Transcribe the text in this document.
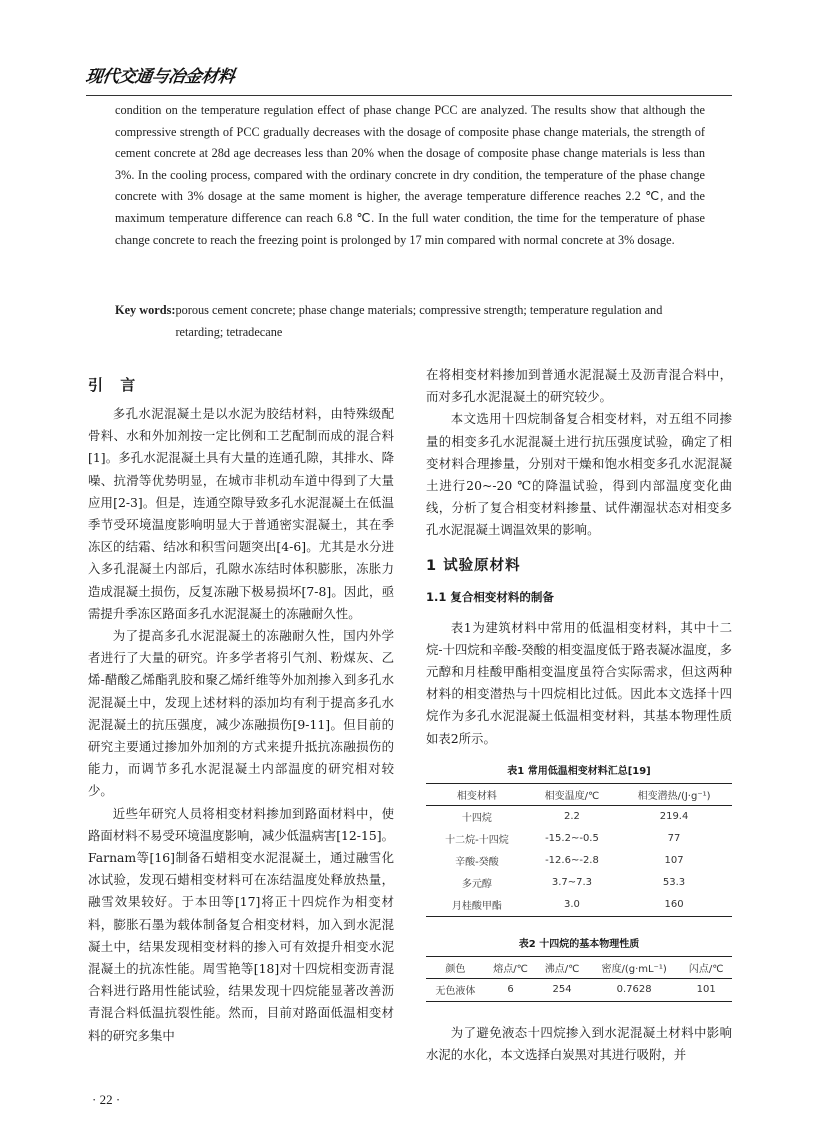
现代交通与冶金材料
condition on the temperature regulation effect of phase change PCC are analyzed. The results show that although the compressive strength of PCC gradually decreases with the dosage of composite phase change materials, the strength of cement concrete at 28d age decreases less than 20% when the dosage of composite phase change materials is less than 3%. In the cooling process, compared with the ordinary concrete in dry condition, the temperature of the phase change concrete with 3% dosage at the same moment is higher, the average temperature difference reaches 2.2 ℃, and the maximum temperature difference can reach 6.8 ℃. In the full water condition, the time for the temperature of phase change concrete to reach the freezing point is prolonged by 17 min compared with normal concrete at 3% dosage.
Key words: porous cement concrete; phase change materials; compressive strength; temperature regulation and retarding; tetradecane
引 言

多孔水泥混凝土是以水泥为胶结材料，由特殊级配骨料、水和外加剂按一定比例和工艺配制而成的混合料[1]。多孔水泥混凝土具有大量的连通孔隙，其排水、降噪、抗滑等优势明显，在城市非机动车道中得到了大量应用[2-3]。但是，连通空隙导致多孔水泥混凝土在低温季节受环境温度影响明显大于普通密实混凝土，其在季冻区的结霜、结冰和积雪问题突出[4-6]。尤其是水分进入多孔混凝土内部后，孔隙水冻结时体积膨胀，冻胀力造成混凝土损伤，反复冻融下极易损坏[7-8]。因此，亟需提升季冻区路面多孔水泥混凝土的冻融耐久性。

为了提高多孔水泥混凝土的冻融耐久性，国内外学者进行了大量的研究。许多学者将引气剂、粉煤灰、乙烯-醋酸乙烯酯乳胶和聚乙烯纤维等外加剂掺入到多孔水泥混凝土中，发现上述材料的添加均有利于提高多孔水泥混凝土的抗压强度，减少冻融损伤[9-11]。但目前的研究主要通过掺加外加剂的方式来提升抵抗冻融损伤的能力，而调节多孔水泥混凝土内部温度的研究相对较少。

近些年研究人员将相变材料掺加到路面材料中，使路面材料不易受环境温度影响，减少低温病害[12-15]。Farnam等[16]制备石蜡相变水泥混凝土，通过融雪化冰试验，发现石蜡相变材料可在冻结温度处释放热量，融雪效果较好。于本田等[17]将正十四烷作为相变材料，膨胀石墨为载体制备复合相变材料，加入到水泥混凝土中，结果发现相变材料的掺入可有效提升相变水泥混凝土的抗冻性能。周雪艳等[18]对十四烷相变沥青混合料进行路用性能试验，结果发现十四烷能显著改善沥青混合料低温抗裂性能。然而，目前对路面低温相变材料的研究多集中

在将相变材料掺加到普通水泥混凝土及沥青混合料中，而对多孔水泥混凝土的研究较少。

本文选用十四烷制备复合相变材料，对五组不同掺量的相变多孔水泥混凝土进行抗压强度试验，确定了相变材料合理掺量，分别对干燥和饱水相变多孔水泥混凝土进行20~-20 ℃的降温试验，得到内部温度变化曲线，分析了复合相变材料掺量、试件潮湿状态对相变多孔水泥混凝土调温效果的影响。

1 试验原材料
1.1 复合相变材料的制备

表1为建筑材料中常用的低温相变材料，其中十二烷-十四烷和辛酸-癸酸的相变温度低于路表凝冰温度，多元醇和月桂酸甲酯相变温度虽符合实际需求，但这两种材料的相变潜热与十四烷相比过低。因此本文选择十四烷作为多孔水泥混凝土低温相变材料，其基本物理性质如表2所示。

表1 常用低温相变材料汇总[19]
相变材料	相变温度/℃	相变潜热/(J·g⁻¹)
十四烷	2.2	219.4
十二烷-十四烷	-15.2~-0.5	77
辛酸-癸酸	-12.6~-2.8	107
多元醇	3.7~7.3	53.3
月桂酸甲酯	3.0	160
表2 十四烷的基本物理性质
颜色	熔点/℃	沸点/℃	密度/(g·mL⁻¹)	闪点/℃
无色液体	6	254	0.7628	101

为了避免液态十四烷掺入到水泥混凝土材料中影响水泥的水化，本文选择白炭黑对其进行吸附，并

· 22 ·
